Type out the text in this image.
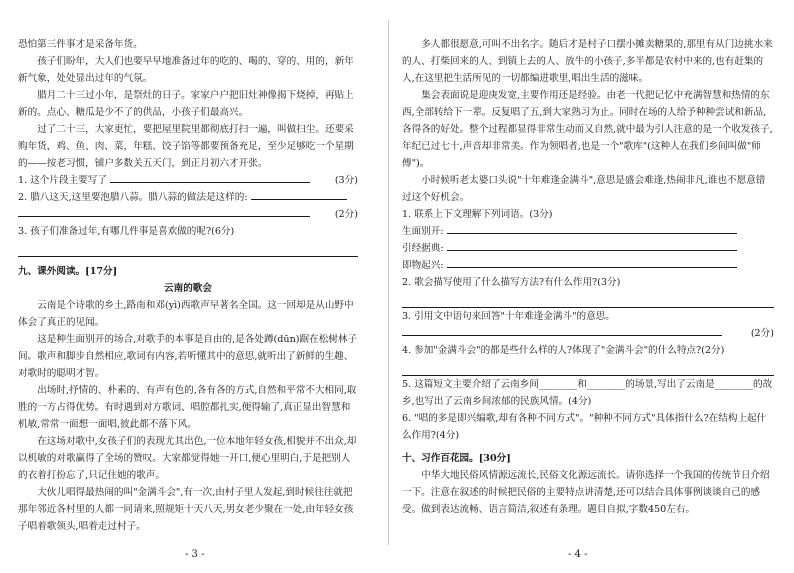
恐怕第三件事才是采备年货。

孩子们盼年，大人们也要早早地准备过年的吃的、喝的、穿的、用的，新年新气象，处处显出过年的气氛。

腊月二十三过小年，是祭灶的日子。家家户户把旧灶神像揭下烧掉，再贴上新的。点心、糖瓜是少不了的供品，小孩子们最高兴。

过了二十三，大家更忙，要把屋里院里都彻底打扫一遍，叫做扫尘。还要采购年货，鸡、鱼、肉、菜，年糕、饺子馅等都要预备充足，至少足够吃一个星期的——按老习惯，铺户多数关五天门，到正月初六才开张。

1. 这个片段主要写了	(3分)

2. 腊八这天,这里要泡腊八蒜。腊八蒜的做法是这样的:

(2分)

3. 孩子们准备过年,有哪几件事是喜欢做的呢?(6分)

九、课外阅读。[17分]

云南的歌会

云南是个诗歌的乡土,路南和邓(yì)西歌声早著名全国。这一回却是从山野中体会了真正的见闻。

这是种生面别开的场合,对歌手的本事是自由的,是各处蹲(dūn)踞在松树林子间。歌声和脚步自然相应,歌词有内容,若听懂其中的意思,就听出了新鲜的生趣、对歌时的聪明才智。

出场时,抒情的、朴素的、有声有色的,各有各的方式,自然和平常不大相同,取胜的一方占得优势。有时遇到对方歌词、唱腔都扎实,便得输了,真正显出智慧和机敏,常常一面想一面唱,彼此都不落下风。

在这场对歌中,女孩子们的表现尤其出色,一位本地年轻女孩,相貌并不出众,却以机敏的对歌赢得了全场的赞叹。大家都觉得她一开口,便心里明白,于是把别人的衣着打扮忘了,只记住她的歌声。

大伙儿唱得最热闹的叫"金满斗会",有一次,由村子里人发起,到时候往往就把那年邻近各村里的人都一同请来,照规矩十天八天,男女老少聚在一处,由年轻女孩子唱着歌领头,唱着走过村子。

- 3 -

多人都很愿意,可叫不出名字。随后才是村子口摆小摊卖糖果的,那里有从门边挑水来的人、打柴回来的人、到镇上去的人、放牛的小孩子,多半都是农村中来的,也有赶集的人,在这里把生活所见的一切都编进歌里,唱出生活的滋味。

集会表面说是迎庚发宽,主要作用还是经验。由老一代把记忆中充满智慧和热情的东西,全部转给下一辈。反复唱了五,到大家熟习为止。同时在场的人给予种种尝试和新品,各得各的好处。整个过程都显得非常生动而又自然,就中最为引人注意的是一个收发孩子,年纪已过七十,声音却非常美。作为领唱者,也是一个"歌库"(这种人在我们乡间叫做"师傅")。

小时候听老太婆口头说"十年难逢金满斗",意思是盛会难逢,热闹非凡,谁也不愿意错过这个好机会。

1. 联系上下文理解下列词语。(3分)

生面别开:

引经据典:

即物起兴:

2. 歌会描写使用了什么描写方法?有什么作用?(3分)

3. 引用文中语句来回答"十年难逢金满斗"的意思。

(2分)

4. 参加"金满斗会"的都是些什么样的人?体现了"金满斗会"的什么特点?(2分)

5. 这篇短文主要介绍了云南乡间________和________的场景,写出了云南是________的故乡,也写出了云南乡间浓郁的民族风情。(4分)

6. "唱的多是即兴编歌,却有各种不同方式"。"种种不同方式"具体指什么?在结构上起什么作用?(4分)

十、习作百花园。[30分]

中华大地民俗风情源远流长,民俗文化源远流长。请你选择一个我国的传统节日介绍一下。注意在叙述的时候把民俗的主要特点讲清楚,还可以结合具体事例谈谈自己的感受。做到表达流畅、语言简洁,叙述有条理。题目自拟,字数450左右。

- 4 -
